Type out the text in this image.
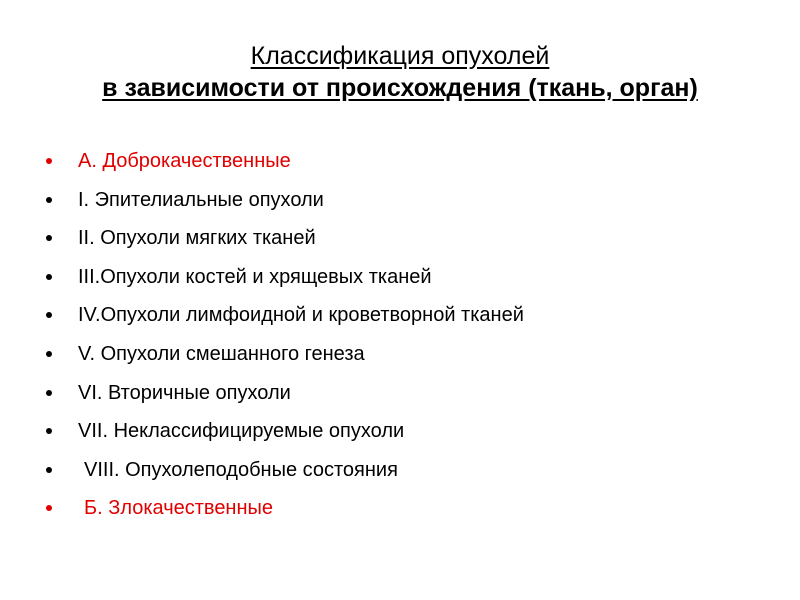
Классификация опухолей
в зависимости от происхождения (ткань, орган)
А. Доброкачественные
I. Эпителиальные опухоли
II. Опухоли мягких тканей
III.Опухоли костей и хрящевых тканей
IV.Опухоли лимфоидной и кроветворной тканей
V. Опухоли смешанного генеза
VI. Вторичные опухоли
VII. Неклассифицируемые опухоли
VIII. Опухолеподобные состояния
Б. Злокачественные
